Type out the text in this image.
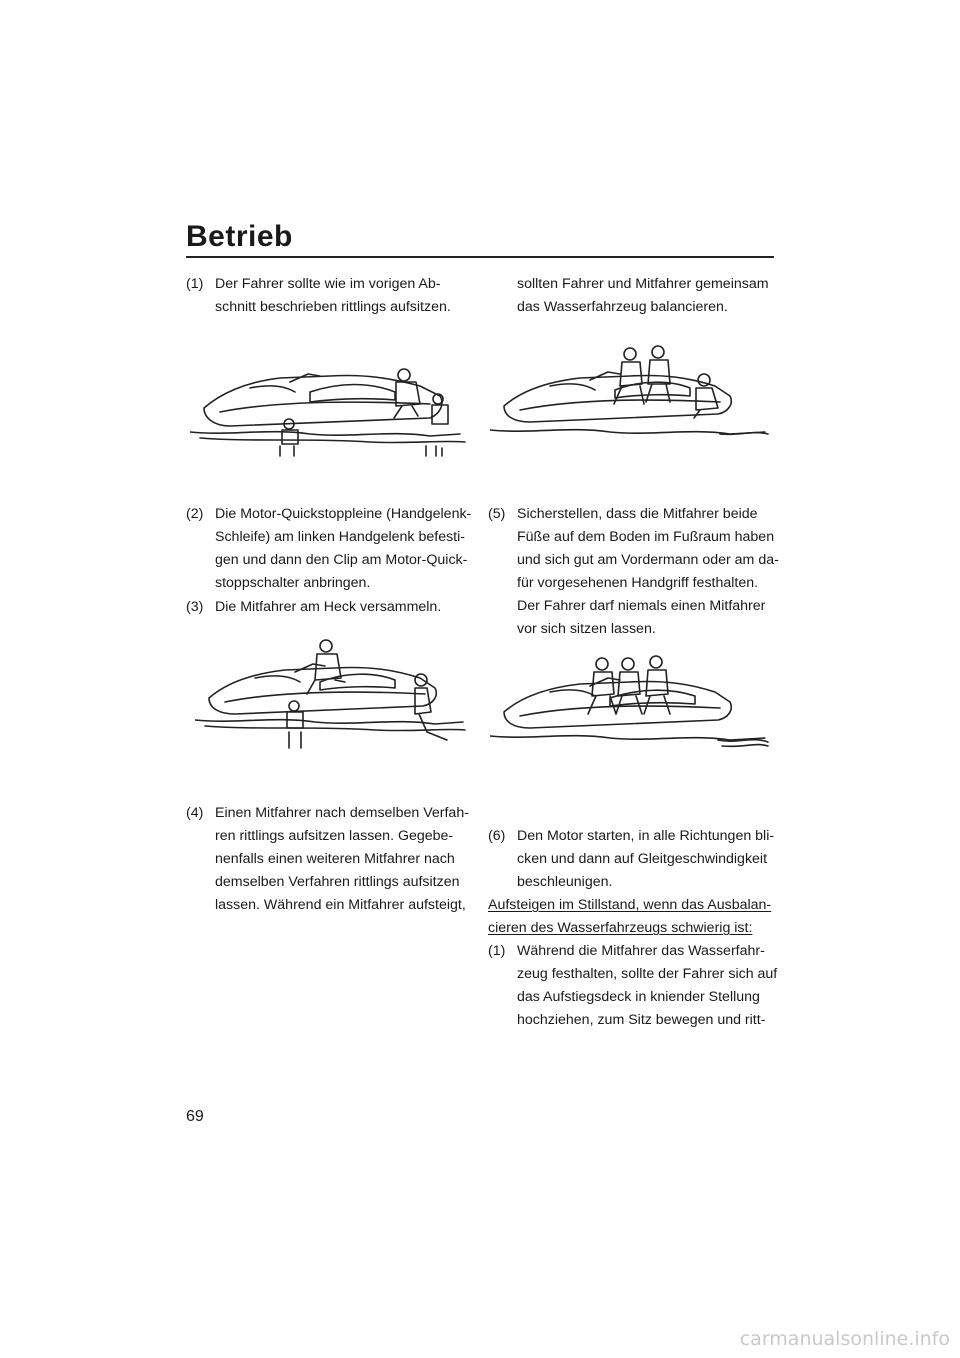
Betrieb
(1) Der Fahrer sollte wie im vorigen Ab-
schnitt beschrieben rittlings aufsitzen.
(2) Die Motor-Quickstoppleine (Handgelenk-
Schleife) am linken Handgelenk befesti-
gen und dann den Clip am Motor-Quick-
stoppschalter anbringen.
(3) Die Mitfahrer am Heck versammeln.
(4) Einen Mitfahrer nach demselben Verfah-
ren rittlings aufsitzen lassen. Gegebe-
nenfalls einen weiteren Mitfahrer nach
demselben Verfahren rittlings aufsitzen
lassen. Während ein Mitfahrer aufsteigt,
sollten Fahrer und Mitfahrer gemeinsam
das Wasserfahrzeug balancieren.
(5) Sicherstellen, dass die Mitfahrer beide
Füße auf dem Boden im Fußraum haben
und sich gut am Vordermann oder am da-
für vorgesehenen Handgriff festhalten.
Der Fahrer darf niemals einen Mitfahrer
vor sich sitzen lassen.
(6) Den Motor starten, in alle Richtungen bli-
cken und dann auf Gleitgeschwindigkeit
beschleunigen.
Aufsteigen im Stillstand, wenn das Ausbalan-
cieren des Wasserfahrzeugs schwierig ist:
(1) Während die Mitfahrer das Wasserfahr-
zeug festhalten, sollte der Fahrer sich auf
das Aufstiegsdeck in kniender Stellung
hochziehen, zum Sitz bewegen und ritt-
69
carmanualsonline.info
